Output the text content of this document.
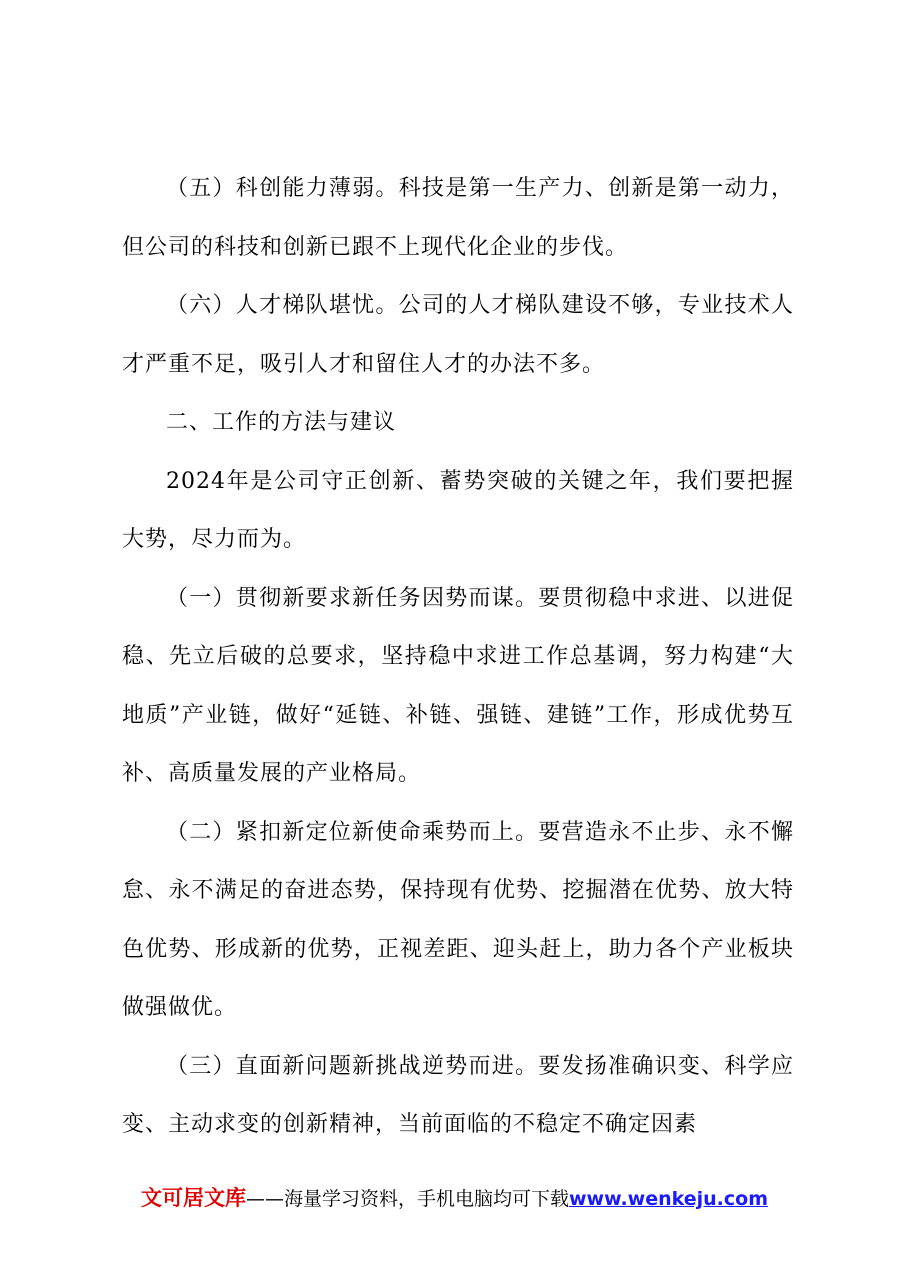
（五）科创能力薄弱。科技是第一生产力、创新是第一动力，但公司的科技和创新已跟不上现代化企业的步伐。

（六）人才梯队堪忧。公司的人才梯队建设不够，专业技术人才严重不足，吸引人才和留住人才的办法不多。

二、工作的方法与建议

2024年是公司守正创新、蓄势突破的关键之年，我们要把握大势，尽力而为。

（一）贯彻新要求新任务因势而谋。要贯彻稳中求进、以进促稳、先立后破的总要求，坚持稳中求进工作总基调，努力构建“大地质”产业链，做好“延链、补链、强链、建链”工作，形成优势互补、高质量发展的产业格局。

（二）紧扣新定位新使命乘势而上。要营造永不止步、永不懈怠、永不满足的奋进态势，保持现有优势、挖掘潜在优势、放大特色优势、形成新的优势，正视差距、迎头赶上，助力各个产业板块做强做优。

（三）直面新问题新挑战逆势而进。要发扬准确识变、科学应变、主动求变的创新精神，当前面临的不稳定不确定因素

文可居文库——海量学习资料，手机电脑均可下载www.wenkeju.com
